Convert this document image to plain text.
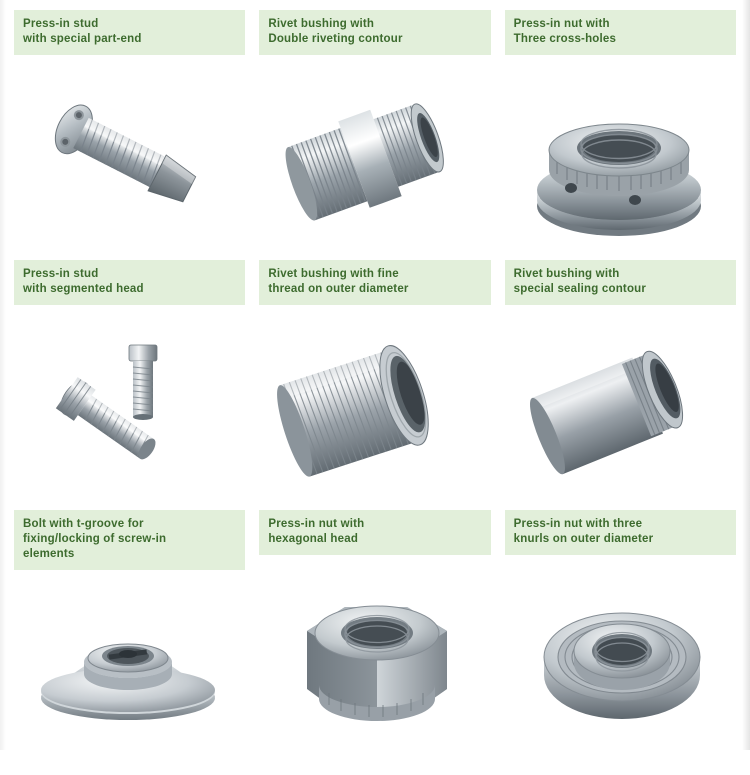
Press-in stud
with special part-end
Rivet bushing with
Double riveting contour
Press-in nut with
Three cross-holes
Press-in stud
with segmented head
Rivet bushing with fine
thread on outer diameter
Rivet bushing with
special sealing contour
Bolt with t-groove for
fixing/locking of screw-in
elements
Press-in nut with
hexagonal head
Press-in nut with three
knurls on outer diameter
